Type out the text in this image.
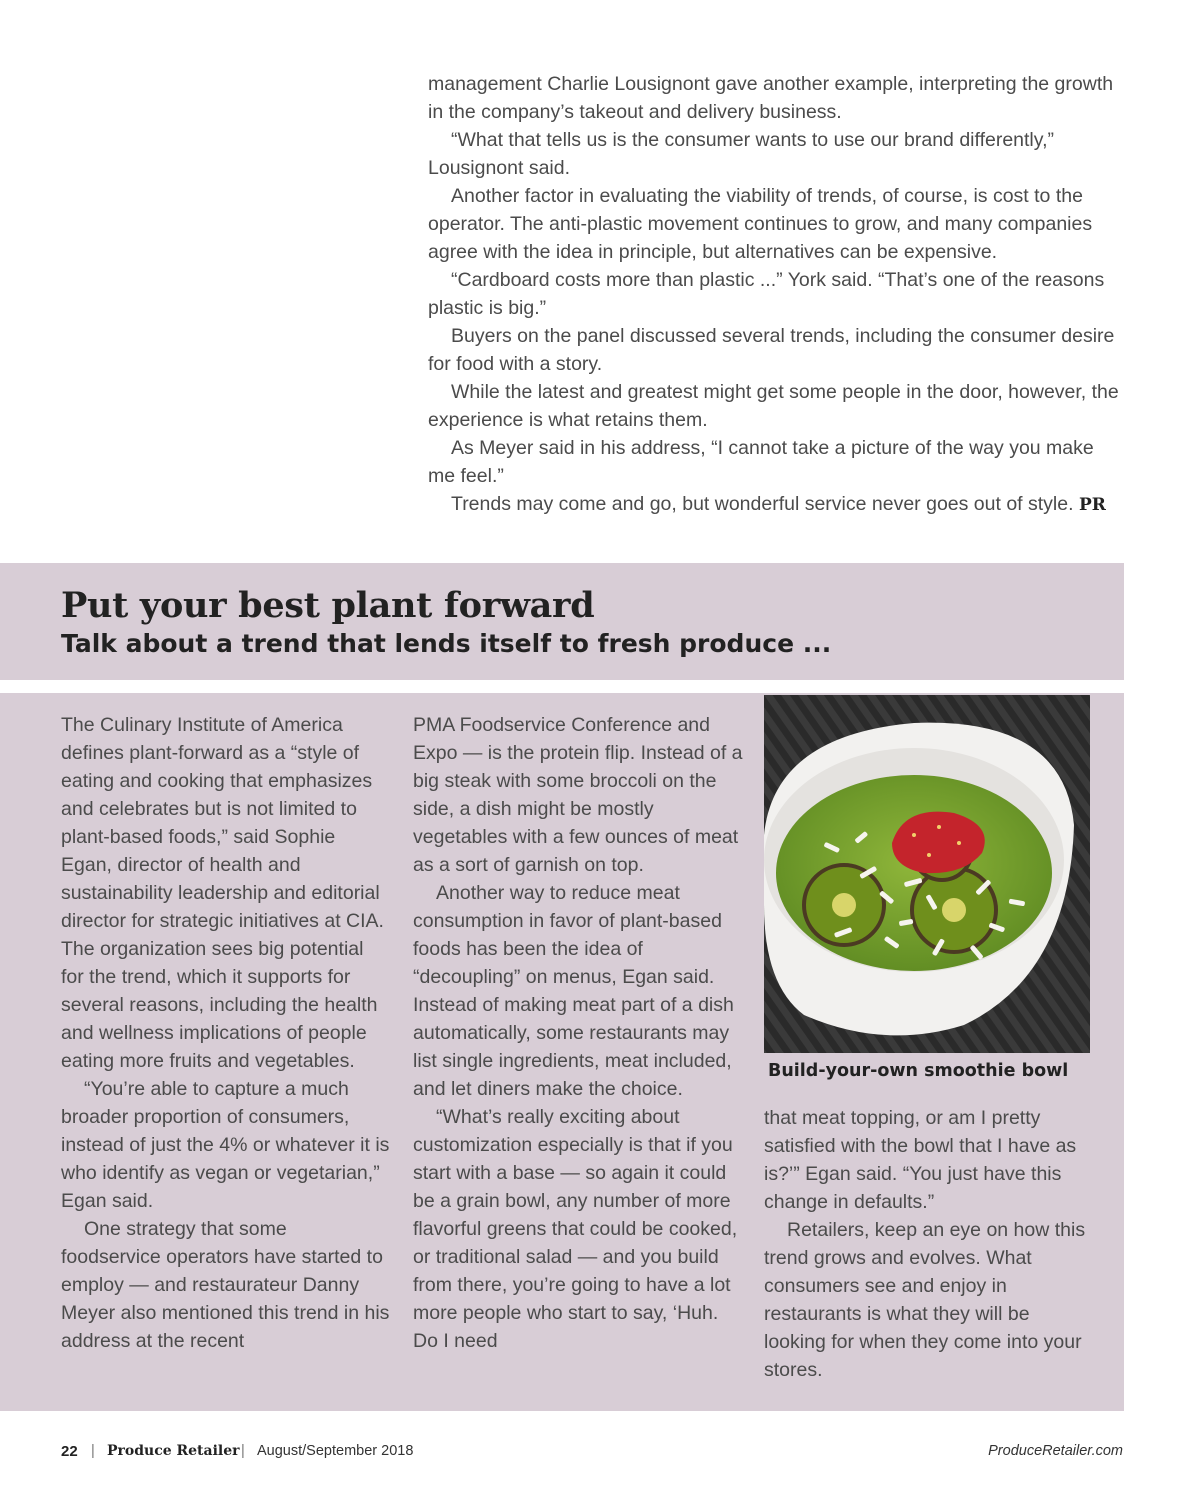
management Charlie Lousignont gave another example, interpreting the growth in the company’s takeout and delivery business.

“What that tells us is the consumer wants to use our brand differently,” Lousignont said.

Another factor in evaluating the viability of trends, of course, is cost to the operator. The anti-plastic movement continues to grow, and many companies agree with the idea in principle, but alternatives can be expensive.

“Cardboard costs more than plastic ...” York said. “That’s one of the reasons plastic is big.”

Buyers on the panel discussed several trends, including the consumer desire for food with a story.

While the latest and greatest might get some people in the door, however, the experience is what retains them.

As Meyer said in his address, “I cannot take a picture of the way you make me feel.”

Trends may come and go, but wonderful service never goes out of style. PR

Put your best plant forward
Talk about a trend that lends itself to fresh produce ...

The Culinary Institute of America defines plant-forward as a “style of eating and cooking that emphasizes and celebrates but is not limited to plant-based foods,” said Sophie Egan, director of health and sustainability leadership and editorial director for strategic initiatives at CIA. The organization sees big potential for the trend, which it supports for several reasons, including the health and wellness implications of people eating more fruits and vegetables.

“You’re able to capture a much broader proportion of consumers, instead of just the 4% or whatever it is who identify as vegan or vegetarian,” Egan said.

One strategy that some foodservice operators have started to employ — and restaurateur Danny Meyer also mentioned this trend in his address at the recent

PMA Foodservice Conference and Expo — is the protein flip. Instead of a big steak with some broccoli on the side, a dish might be mostly vegetables with a few ounces of meat as a sort of garnish on top.

Another way to reduce meat consumption in favor of plant-based foods has been the idea of “decoupling” on menus, Egan said. Instead of making meat part of a dish automatically, some restaurants may list single ingredients, meat included, and let diners make the choice.

“What’s really exciting about customization especially is that if you start with a base — so again it could be a grain bowl, any number of more flavorful greens that could be cooked, or traditional salad — and you build from there, you’re going to have a lot more people who start to say, ‘Huh. Do I need

Build-your-own smoothie bowl

that meat topping, or am I pretty satisfied with the bowl that I have as is?’” Egan said. “You just have this change in defaults.”

Retailers, keep an eye on how this trend grows and evolves. What consumers see and enjoy in restaurants is what they will be looking for when they come into your stores.

22 | Produce Retailer | August/September 2018	ProduceRetailer.com
